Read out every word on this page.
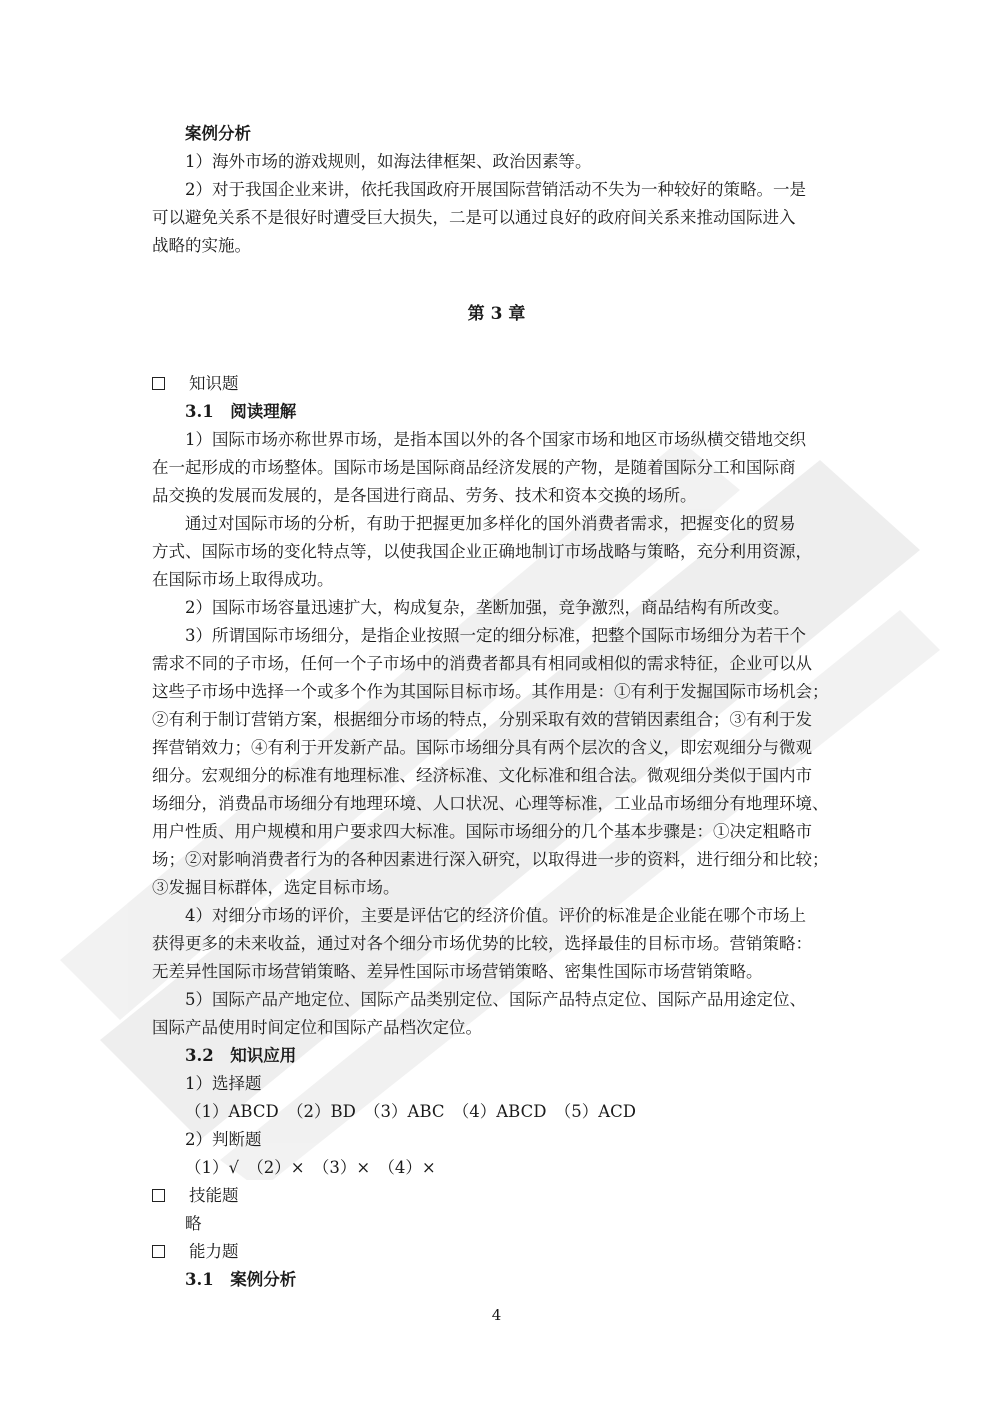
案例分析
1）海外市场的游戏规则，如海法律框架、政治因素等。
2）对于我国企业来讲，依托我国政府开展国际营销活动不失为一种较好的策略。一是
可以避免关系不是很好时遭受巨大损失，二是可以通过良好的政府间关系来推动国际进入
战略的实施。
第 3 章
知识题
3.1　阅读理解
1）国际市场亦称世界市场，是指本国以外的各个国家市场和地区市场纵横交错地交织
在一起形成的市场整体。国际市场是国际商品经济发展的产物，是随着国际分工和国际商
品交换的发展而发展的，是各国进行商品、劳务、技术和资本交换的场所。
通过对国际市场的分析，有助于把握更加多样化的国外消费者需求，把握变化的贸易
方式、国际市场的变化特点等，以使我国企业正确地制订市场战略与策略，充分利用资源，
在国际市场上取得成功。
2）国际市场容量迅速扩大，构成复杂，垄断加强，竞争激烈，商品结构有所改变。
3）所谓国际市场细分，是指企业按照一定的细分标准，把整个国际市场细分为若干个
需求不同的子市场，任何一个子市场中的消费者都具有相同或相似的需求特征，企业可以从
这些子市场中选择一个或多个作为其国际目标市场。其作用是：①有利于发掘国际市场机会；
②有利于制订营销方案，根据细分市场的特点，分别采取有效的营销因素组合；③有利于发
挥营销效力；④有利于开发新产品。国际市场细分具有两个层次的含义，即宏观细分与微观
细分。宏观细分的标准有地理标准、经济标准、文化标准和组合法。微观细分类似于国内市
场细分，消费品市场细分有地理环境、人口状况、心理等标准，工业品市场细分有地理环境、
用户性质、用户规模和用户要求四大标准。国际市场细分的几个基本步骤是：①决定粗略市
场；②对影响消费者行为的各种因素进行深入研究，以取得进一步的资料，进行细分和比较；
③发掘目标群体，选定目标市场。
4）对细分市场的评价，主要是评估它的经济价值。评价的标准是企业能在哪个市场上
获得更多的未来收益，通过对各个细分市场优势的比较，选择最佳的目标市场。营销策略：
无差异性国际市场营销策略、差异性国际市场营销策略、密集性国际市场营销策略。
5）国际产品产地定位、国际产品类别定位、国际产品特点定位、国际产品用途定位、
国际产品使用时间定位和国际产品档次定位。
3.2　知识应用
1）选择题
（1）ABCD　（2）BD　（3）ABC　（4）ABCD　（5）ACD
2）判断题
（1）√　（2）×　（3）×　（4）×
技能题
略
能力题
3.1　案例分析
4
